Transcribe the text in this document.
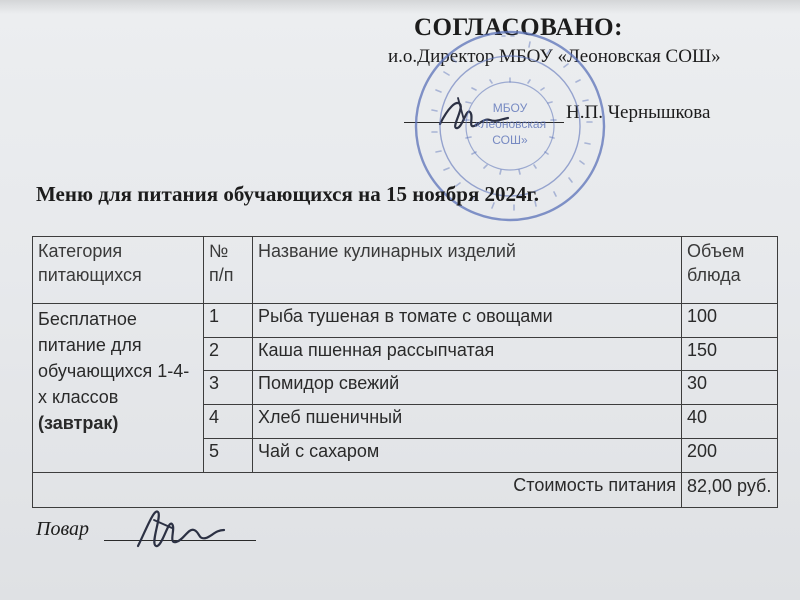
СОГЛАСОВАНО:
и.о.Директор МБОУ «Леоновская СОШ»
Н.П. Чернышкова
МБОУ
«Леоновская
СОШ»
Меню для питания обучающихся на 15 ноября 2024г.
Категория питающихся	№ п/п	Название кулинарных изделий	Объем блюда
Бесплатное питание для обучающихся 1-4-х классов (завтрак)	1	Рыба тушеная в томате с овощами	100
	2	Каша пшенная рассыпчатая	150
	3	Помидор свежий	30
	4	Хлеб пшеничный	40
	5	Чай с сахаром	200
Стоимость питания			82,00 руб.
Повар
